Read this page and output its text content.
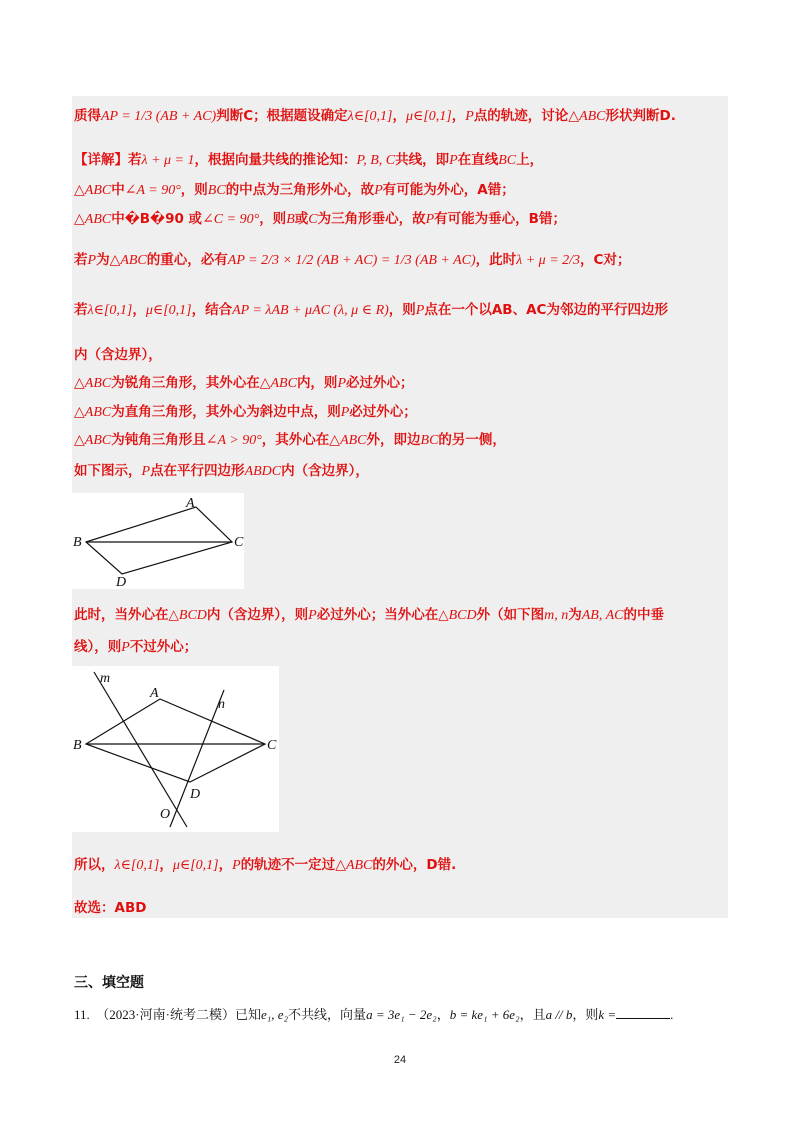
质得AP = 1/3 (AB + AC)判断C；根据题设确定λ∈[0,1]，μ∈[0,1]，P点的轨迹，讨论△ABC形状判断D.
【详解】若λ + μ = 1，根据向量共线的推论知：P, B, C共线，即P在直线BC上，
△ABC中∠A = 90°，则BC的中点为三角形外心，故P有可能为外心，A错；
△ABC中�B�90 或∠C = 90°，则B或C为三角形垂心，故P有可能为垂心，B错；
若P为△ABC的重心，必有AP = 2/3 × 1/2 (AB + AC) = 1/3 (AB + AC)，此时λ + μ = 2/3，C对；
若λ∈[0,1]，μ∈[0,1]，结合AP = λAB + μAC (λ, μ ∈ R)，则P点在一个以AB、AC为邻边的平行四边形
内（含边界），
△ABC为锐角三角形，其外心在△ABC内，则P必过外心；
△ABC为直角三角形，其外心为斜边中点，则P必过外心；
△ABC为钝角三角形且∠A > 90°，其外心在△ABC外，即边BC的另一侧，
如下图示，P点在平行四边形ABDC内（含边界），
A
B	C
D
此时，当外心在△BCD内（含边界），则P必过外心；当外心在△BCD外（如下图m, n为AB, AC的中垂
线），则P不过外心；
m
A
n
B	C
D
O
所以，λ∈[0,1]，μ∈[0,1]，P的轨迹不一定过△ABC的外心，D错.
故选：ABD
三、填空题
11. （2023·河南·统考二模）已知e₁, e₂不共线，向量a = 3e₁ − 2e₂，b = ke₁ + 6e₂，且a // b，则k =	.
24
